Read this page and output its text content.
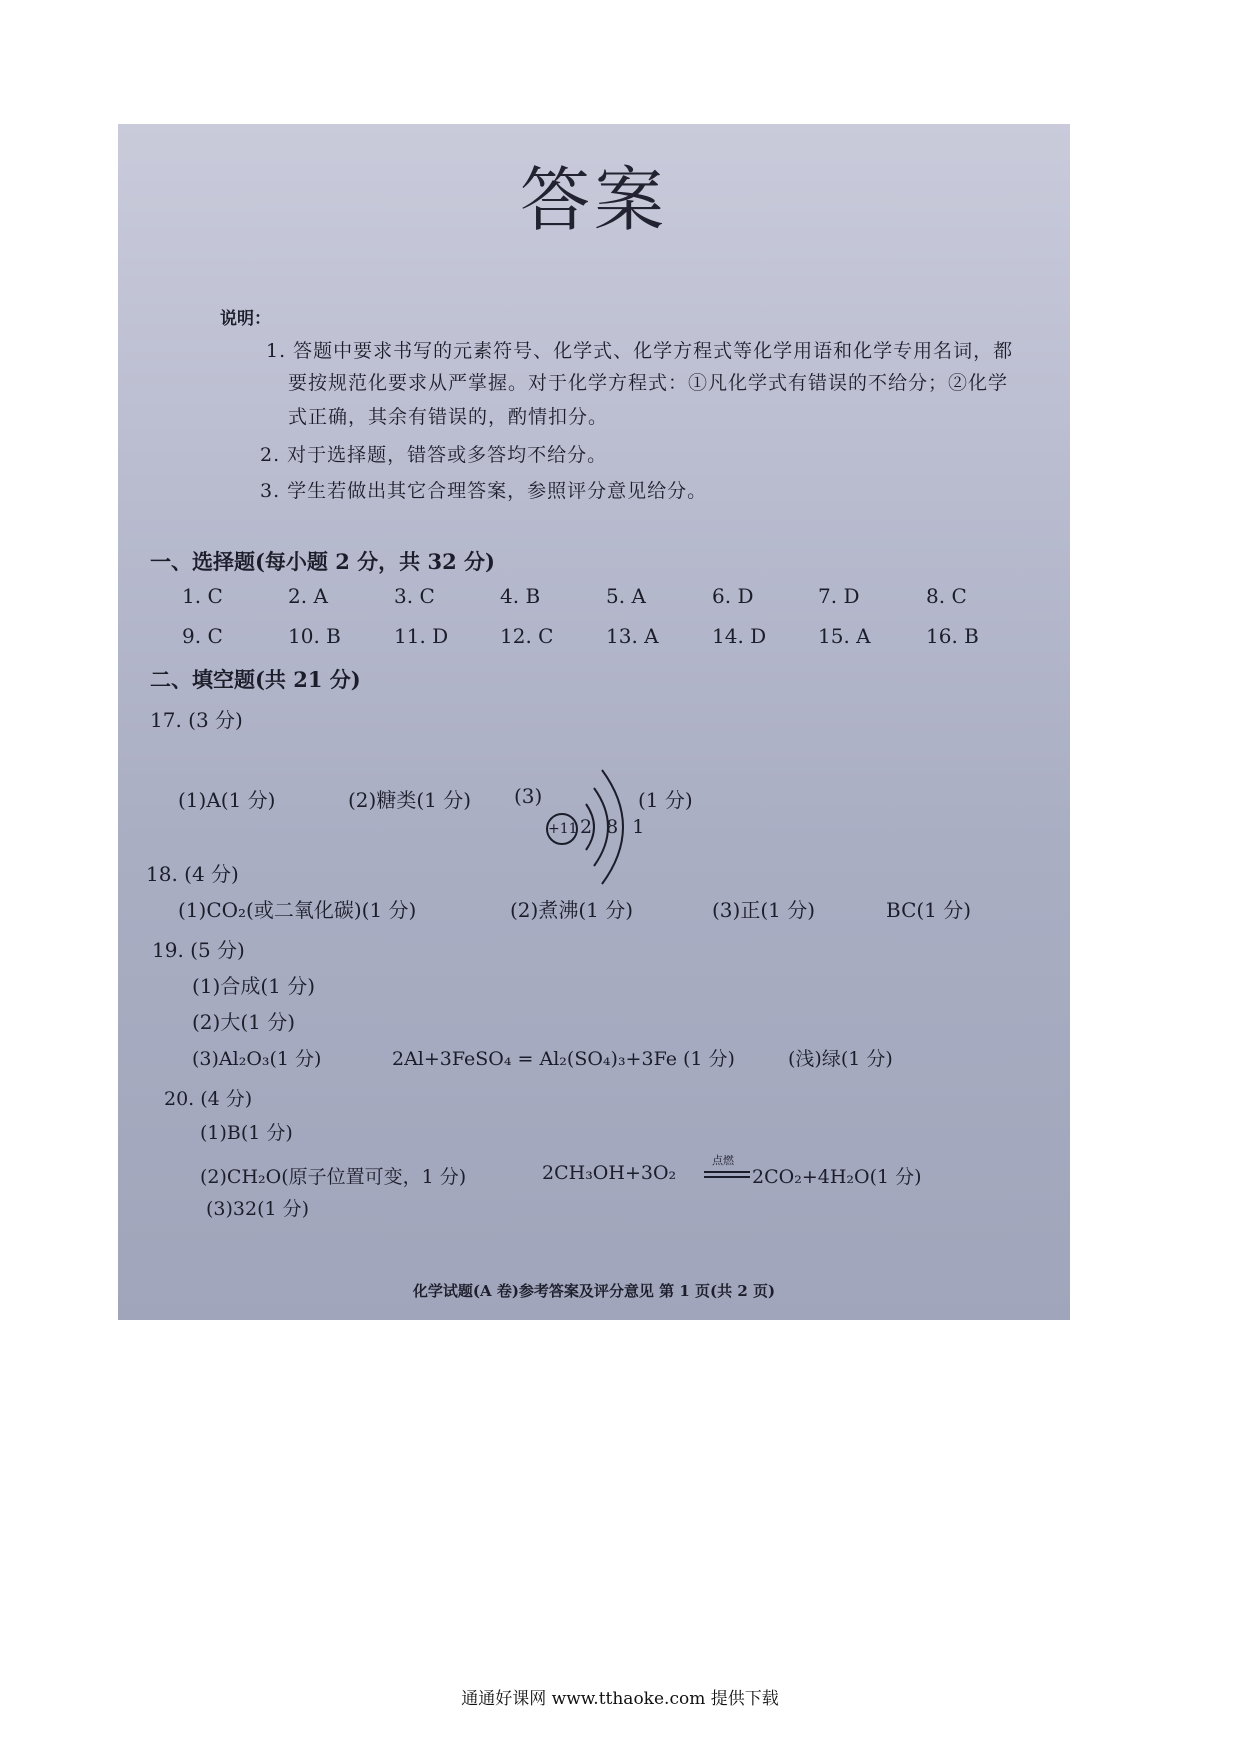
答案
说明：
1. 答题中要求书写的元素符号、化学式、化学方程式等化学用语和化学专用名词，都
要按规范化要求从严掌握。对于化学方程式：①凡化学式有错误的不给分；②化学
式正确，其余有错误的，酌情扣分。
2. 对于选择题，错答或多答均不给分。
3. 学生若做出其它合理答案，参照评分意见给分。
一、选择题(每小题 2 分，共 32 分)
1. C	2. A	3. C	4. B	5. A	6. D	7. D	8. C
9. C	10. B	11. D	12. C	13. A	14. D	15. A	16. B
二、填空题(共 21 分)
17. (3 分)
(1)A(1 分)	(2)糖类(1 分) (3)
+11 2 8 1
(1 分)
18. (4 分)
(1)CO₂(或二氧化碳)(1 分)	(2)煮沸(1 分)	(3)正(1 分)	BC(1 分)
19. (5 分)
(1)合成(1 分)
(2)大(1 分)
(3)Al₂O₃(1 分)	2Al+3FeSO₄ = Al₂(SO₄)₃+3Fe (1 分)	(浅)绿(1 分)
20. (4 分)
(1)B(1 分)
(2)CH₂O(原子位置可变，1 分)	2CH₃OH+3O₂
点燃
2CO₂+4H₂O(1 分)
(3)32(1 分)
化学试题(A 卷)参考答案及评分意见 第 1 页(共 2 页)
通通好课网 www.tthaoke.com 提供下载
